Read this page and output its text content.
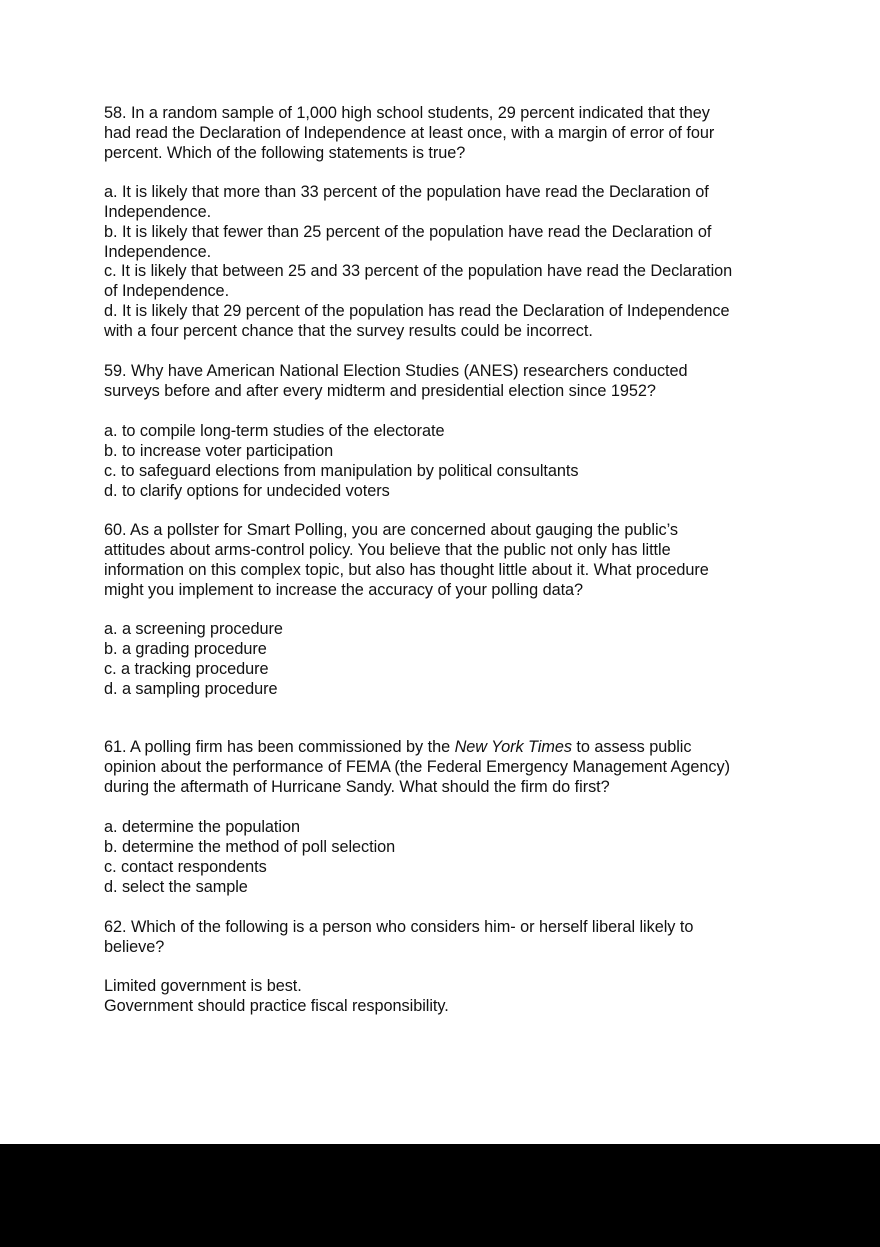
58. In a random sample of 1,000 high school students, 29 percent indicated that they
had read the Declaration of Independence at least once, with a margin of error of four
percent. Which of the following statements is true?
a. It is likely that more than 33 percent of the population have read the Declaration of
Independence.
b. It is likely that fewer than 25 percent of the population have read the Declaration of
Independence.
c. It is likely that between 25 and 33 percent of the population have read the Declaration
of Independence.
d. It is likely that 29 percent of the population has read the Declaration of Independence
with a four percent chance that the survey results could be incorrect.
59. Why have American National Election Studies (ANES) researchers conducted
surveys before and after every midterm and presidential election since 1952?
a. to compile long-term studies of the electorate
b. to increase voter participation
c. to safeguard elections from manipulation by political consultants
d. to clarify options for undecided voters
60. As a pollster for Smart Polling, you are concerned about gauging the public’s
attitudes about arms-control policy. You believe that the public not only has little
information on this complex topic, but also has thought little about it. What procedure
might you implement to increase the accuracy of your polling data?
a. a screening procedure
b. a grading procedure
c. a tracking procedure
d. a sampling procedure
61. A polling firm has been commissioned by the New York Times to assess public
opinion about the performance of FEMA (the Federal Emergency Management Agency)
during the aftermath of Hurricane Sandy. What should the firm do first?
a. determine the population
b. determine the method of poll selection
c. contact respondents
d. select the sample
62. Which of the following is a person who considers him- or herself liberal likely to
believe?
Limited government is best.
Government should practice fiscal responsibility.
